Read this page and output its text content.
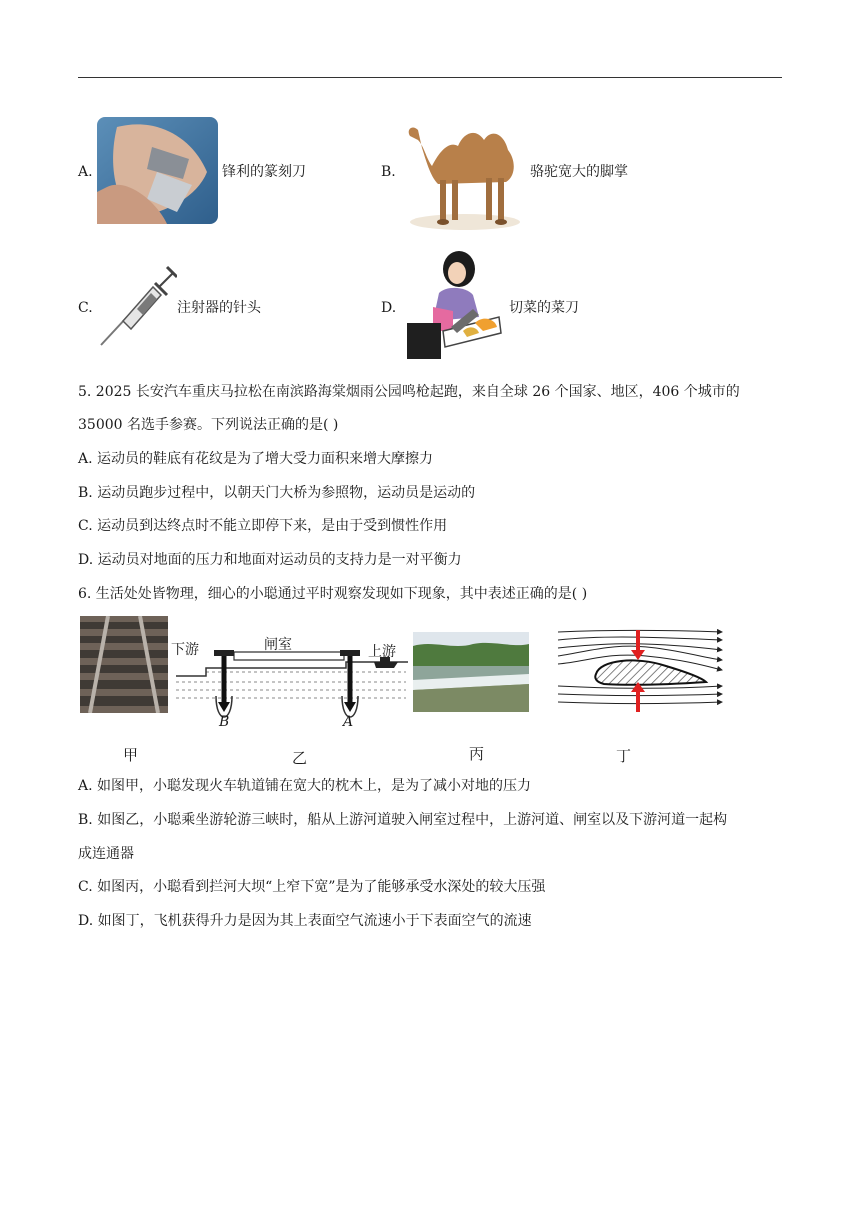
A.	锋利的篆刻刀	B.	骆驼宽大的脚掌
C.	注射器的针头	D.	切菜的菜刀
5. 2025 长安汽车重庆马拉松在南滨路海棠烟雨公园鸣枪起跑，来自全球 26 个国家、地区，406 个城市的
35000 名选手参赛。下列说法正确的是( )
A. 运动员的鞋底有花纹是为了增大受力面积来增大摩擦力
B. 运动员跑步过程中，以朝天门大桥为参照物，运动员是运动的
C. 运动员到达终点时不能立即停下来，是由于受到惯性作用
D. 运动员对地面的压力和地面对运动员的支持力是一对平衡力
6. 生活处处皆物理，细心的小聪通过平时观察发现如下现象，其中表述正确的是( )
甲
下游	闸室	上游
B	A
乙	丙	丁
A. 如图甲，小聪发现火车轨道铺在宽大的枕木上，是为了减小对地的压力
B. 如图乙，小聪乘坐游轮游三峡时，船从上游河道驶入闸室过程中，上游河道、闸室以及下游河道一起构
成连通器
C. 如图丙，小聪看到拦河大坝“上窄下宽”是为了能够承受水深处的较大压强
D. 如图丁，飞机获得升力是因为其上表面空气流速小于下表面空气的流速
